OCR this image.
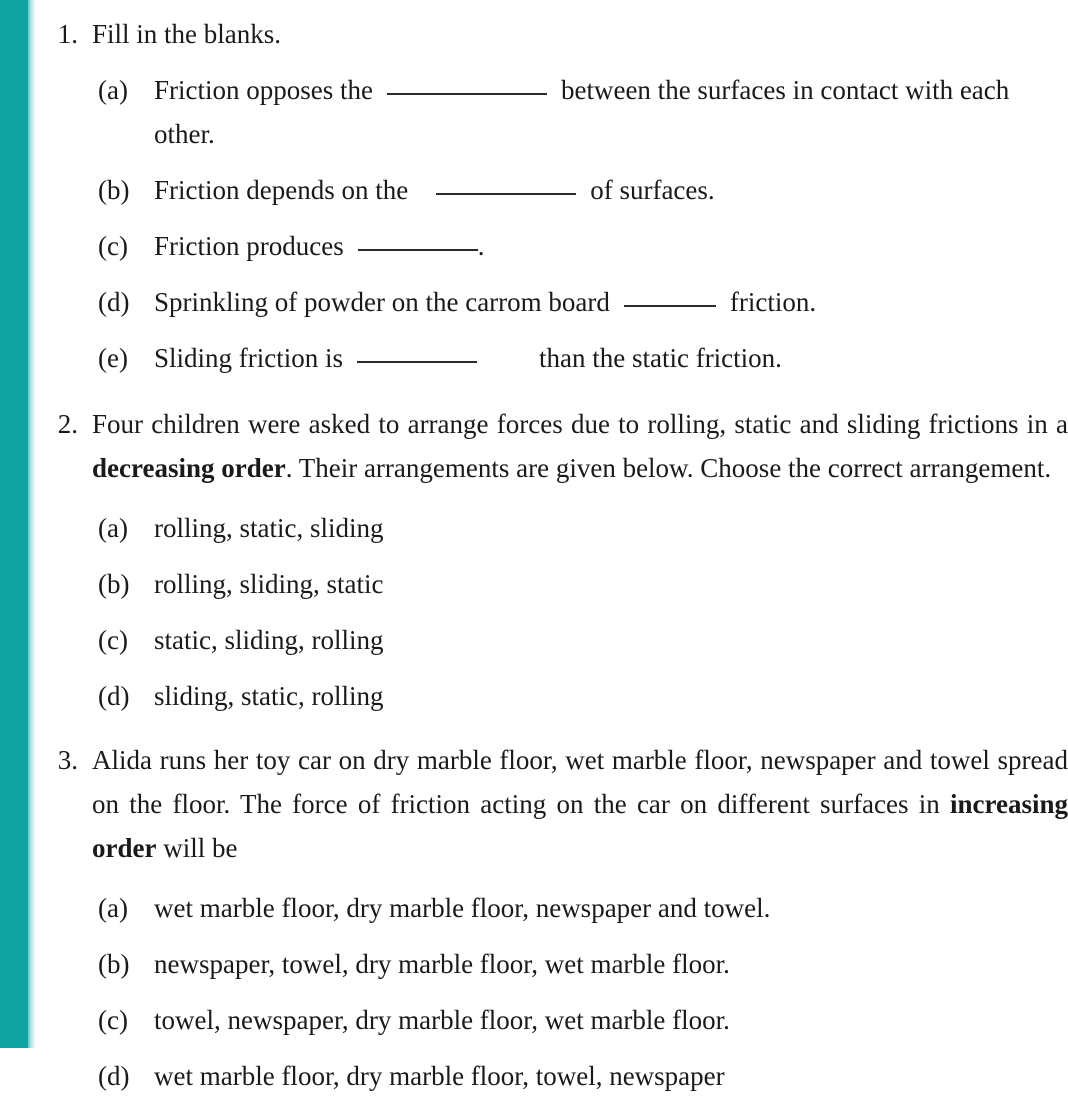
1. Fill in the blanks.
(a) Friction opposes the	between the surfaces in contact with each other.
(b) Friction depends on the	of surfaces.
(c) Friction produces	.
(d) Sprinkling of powder on the carrom board	friction.
(e) Sliding friction is	than the static friction.
2. Four children were asked to arrange forces due to rolling, static and sliding frictions in a decreasing order. Their arrangements are given below. Choose the correct arrangement.
(a) rolling, static, sliding
(b) rolling, sliding, static
(c) static, sliding, rolling
(d) sliding, static, rolling
3. Alida runs her toy car on dry marble floor, wet marble floor, newspaper and towel spread on the floor. The force of friction acting on the car on different surfaces in increasing order will be
(a) wet marble floor, dry marble floor, newspaper and towel.
(b) newspaper, towel, dry marble floor, wet marble floor.
(c) towel, newspaper, dry marble floor, wet marble floor.
(d) wet marble floor, dry marble floor, towel, newspaper
